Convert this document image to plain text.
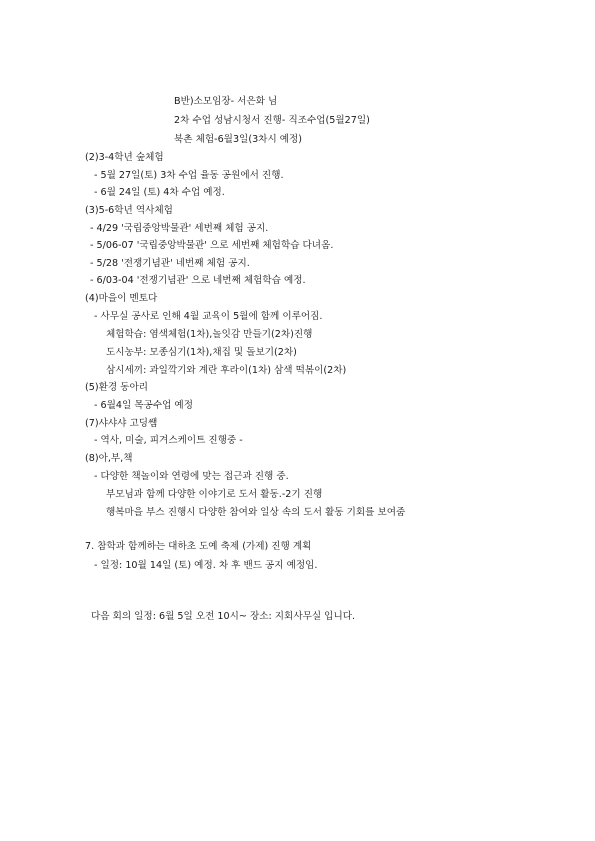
B반)소모임장- 서은화 님
2차 수업 성남시청서 진행- 직조수업(5월27일)
북촌 체험-6월3일(3차시 예정)
(2)3-4학년 숲체험
- 5월 27일(토) 3차 수업 율동 공원에서 진행.
- 6월 24일 (토) 4차 수업 예정.
(3)5-6학년 역사체험
- 4/29 '국립중앙박물관' 세번째 체험 공지.
- 5/06-07 '국립중앙박물관' 으로 세번째 체험학습 다녀옴.
- 5/28 '전쟁기념관' 네번째 체험 공지.
- 6/03-04 '전쟁기념관' 으로 네번째 체험학습 예정.
(4)마을이 멘토다
- 사무실 공사로 인해 4월 교육이 5월에 함께 이루어짐.
체험학습: 염색체험(1차),놀잇감 만들기(2차)진행
도시농부: 모종심기(1차),채집 및 돌보기(2차)
삼시세끼: 과일깍기와 계란 후라이(1차) 삼색 떡볶이(2차)
(5)환경 동아리
- 6월4일 목공수업 예정
(7)샤샤샤 고딩쌤
- 역사, 미술, 피겨스케이트 진행중 -
(8)아,부,책
- 다양한 책놀이와 연령에 맞는 접근과 진행 중.
부모님과 함께 다양한 이야기로 도서 활동.-2기 진행
행복마을 부스 진행시 다양한 참여와 일상 속의 도서 활동 기회를 보여줌
7. 참학과 함께하는 대하초 도예 축제 (가제) 진행 계획
- 일정: 10월 14일 (토) 예정. 차 후 밴드 공지 예정임.
다음 회의 일정: 6월 5일 오전 10시~ 장소: 지회사무실 입니다.
